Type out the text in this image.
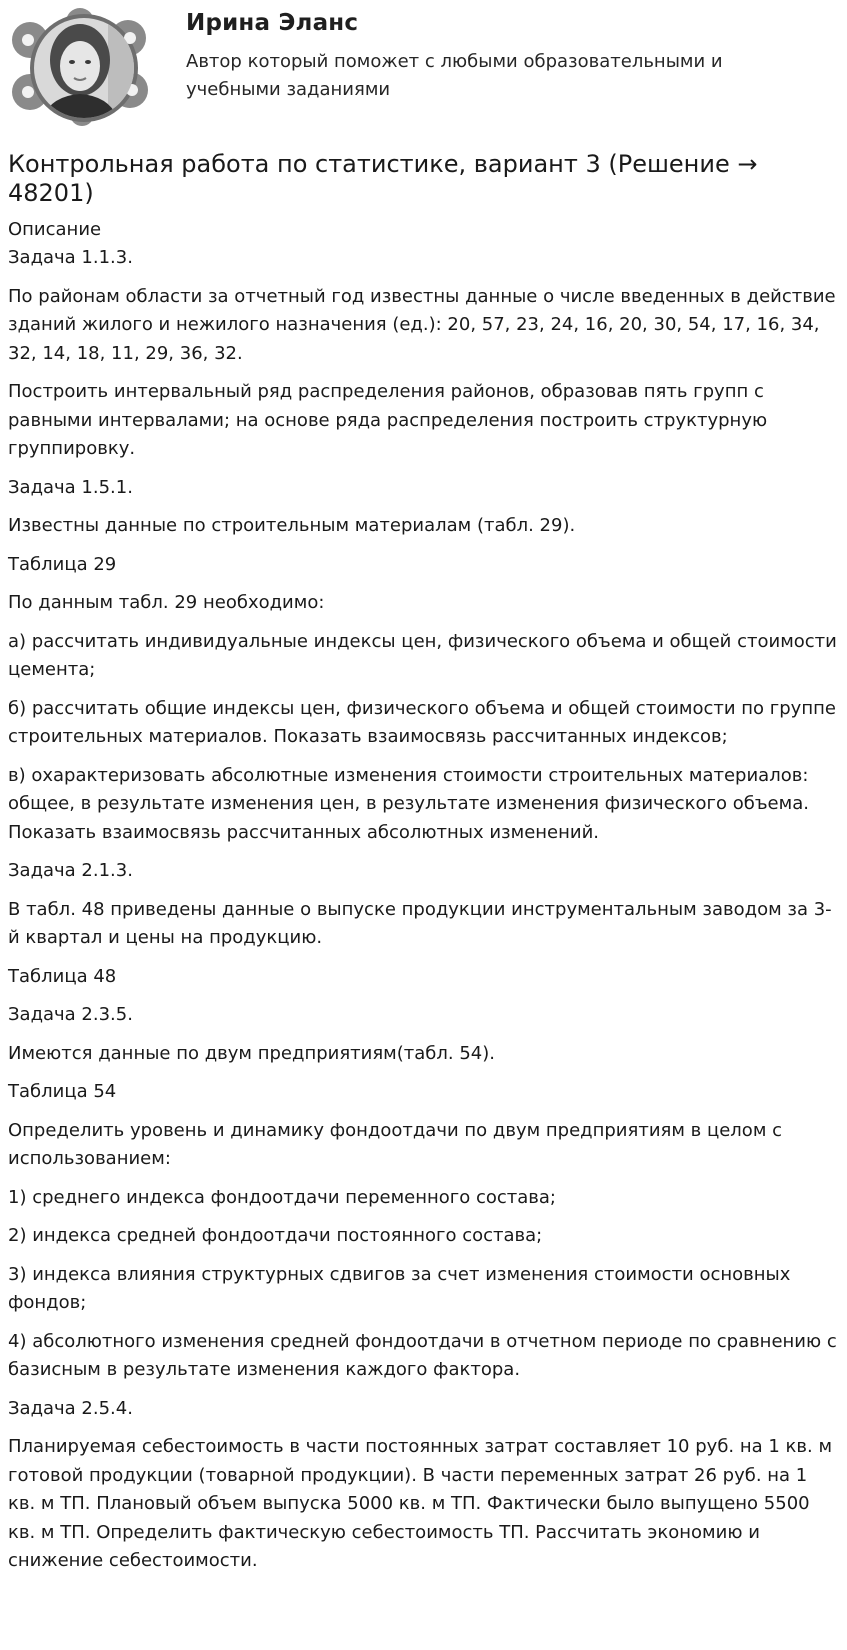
Ирина Эланс

Автор который поможет с любыми образовательными и учебными заданиями

Контрольная работа по статистике, вариант 3 (Решение → 48201)

Описание

Задача 1.1.3.

По районам области за отчетный год известны данные о числе введенных в действие зданий жилого и нежилого назначения (ед.): 20, 57, 23, 24, 16, 20, 30, 54, 17, 16, 34, 32, 14, 18, 11, 29, 36, 32.

Построить интервальный ряд распределения районов, образовав пять групп с равными интервалами; на основе ряда распределения построить структурную группировку.

Задача 1.5.1.

Известны данные по строительным материалам (табл. 29).

Таблица 29

По данным табл. 29 необходимо:

а) рассчитать индивидуальные индексы цен, физического объема и общей стоимости цемента;

б) рассчитать общие индексы цен, физического объема и общей стоимости по группе строительных материалов. Показать взаимосвязь рассчитанных индексов;

в) охарактеризовать абсолютные изменения стоимости строительных материалов: общее, в результате изменения цен, в результате изменения физического объема. Показать взаимосвязь рассчитанных абсолютных изменений.

Задача 2.1.3.

В табл. 48 приведены данные о выпуске продукции инструментальным заводом за 3-й квартал и цены на продукцию.

Таблица 48

Задача 2.3.5.

Имеются данные по двум предприятиям(табл. 54).

Таблица 54

Определить уровень и динамику фондоотдачи по двум предприятиям в целом с использованием:

1) среднего индекса фондоотдачи переменного состава;

2) индекса средней фондоотдачи постоянного состава;

3) индекса влияния структурных сдвигов за счет изменения стоимости основных фондов;

4) абсолютного изменения средней фондоотдачи в отчетном периоде по сравнению с базисным в результате изменения каждого фактора.

Задача 2.5.4.

Планируемая себестоимость в части постоянных затрат составляет 10 руб. на 1 кв. м готовой продукции (товарной продукции). В части переменных затрат 26 руб. на 1 кв. м ТП. Плановый объем выпуска 5000 кв. м ТП. Фактически было выпущено 5500 кв. м ТП. Определить фактическую себестоимость ТП. Рассчитать экономию и снижение себестоимости.
